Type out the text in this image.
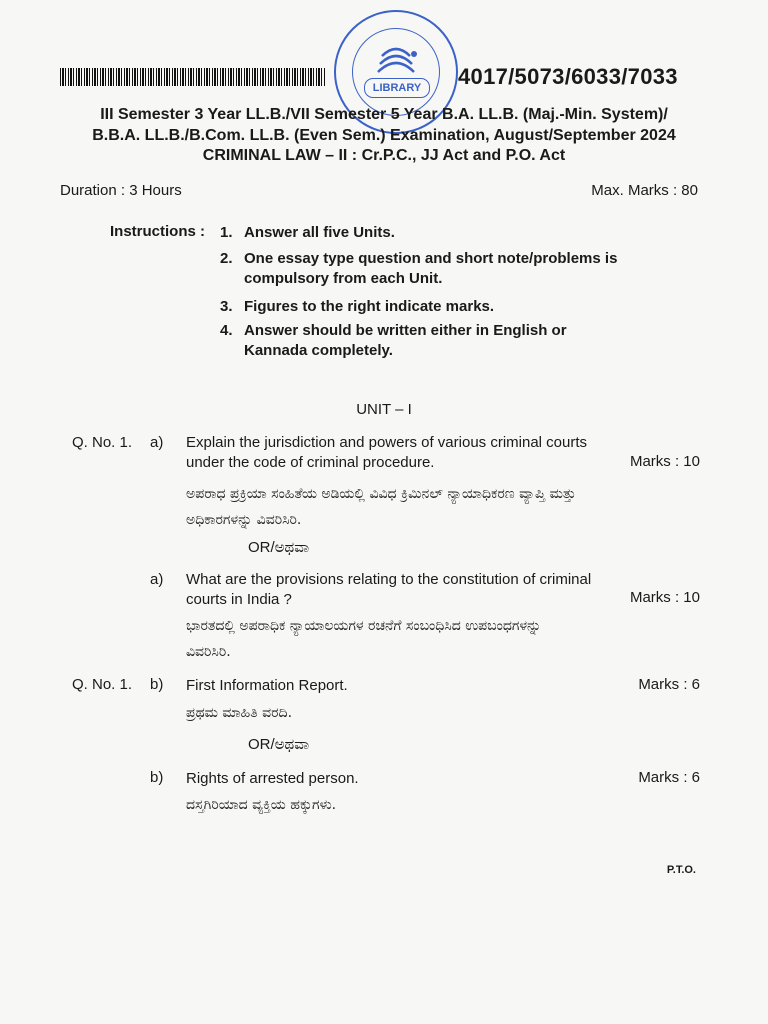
LIBRARY	4017/5073/6033/7033
III Semester 3 Year LL.B./VII Semester 5 Year B.A. LL.B. (Maj.-Min. System)/
B.B.A. LL.B./B.Com. LL.B. (Even Sem.) Examination, August/September 2024
CRIMINAL LAW – II : Cr.P.C., JJ Act and P.O. Act
Duration : 3 Hours	Max. Marks : 80
Instructions : 1. Answer all five Units.
2. One essay type question and short note/problems is compulsory from each Unit.
3. Figures to the right indicate marks.
4. Answer should be written either in English or Kannada completely.
UNIT – I
Q. No. 1. a) Explain the jurisdiction and powers of various criminal courts under the code of criminal procedure.	Marks : 10
ಅಪರಾಧ ಪ್ರಕ್ರಿಯಾ ಸಂಹಿತೆಯ ಅಡಿಯಲ್ಲಿ ವಿವಿಧ ಕ್ರಿಮಿನಲ್ ನ್ಯಾಯಾಧಿಕರಣ ವ್ಯಾಪ್ತಿ ಮತ್ತು ಅಧಿಕಾರಗಳನ್ನು ವಿವರಿಸಿರಿ.
OR/ಅಥವಾ
a) What are the provisions relating to the constitution of criminal courts in India ?	Marks : 10
ಭಾರತದಲ್ಲಿ ಅಪರಾಧಿಕ ನ್ಯಾಯಾಲಯಗಳ ರಚನೆಗೆ ಸಂಬಂಧಿಸಿದ ಉಪಬಂಧಗಳನ್ನು ವಿವರಿಸಿರಿ.
Q. No. 1. b) First Information Report.	Marks : 6
ಪ್ರಥಮ ಮಾಹಿತಿ ವರದಿ.
OR/ಅಥವಾ
b) Rights of arrested person.	Marks : 6
ದಸ್ತಗಿರಿಯಾದ ವ್ಯಕ್ತಿಯ ಹಕ್ಕುಗಳು.
P.T.O.
